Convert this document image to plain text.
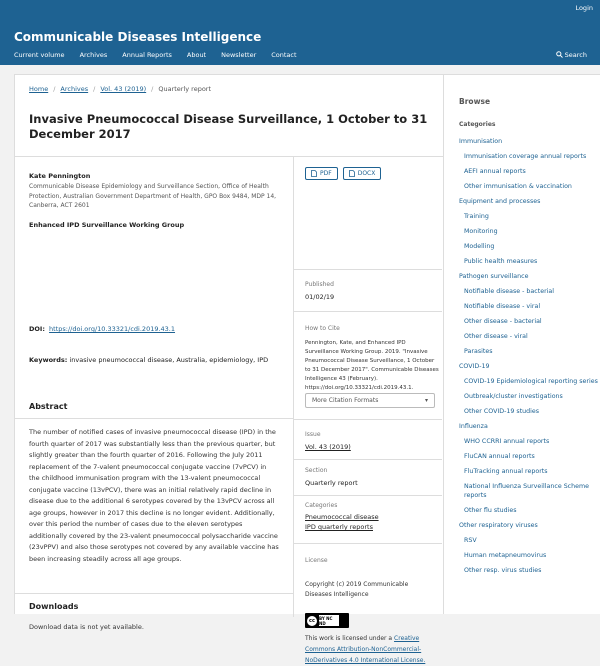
Login
Communicable Diseases Intelligence
Current volume Archives Annual Reports About Newsletter Contact	Search
Home / Archives / Vol. 43 (2019) / Quarterly report
Invasive Pneumococcal Disease Surveillance, 1 October to 31 December 2017
Kate Pennington
Communicable Disease Epidemiology and Surveillance Section, Office of Health Protection, Australian Government Department of Health, GPO Box 9484, MDP 14, Canberra, ACT 2601
Enhanced IPD Surveillance Working Group
DOI: https://doi.org/10.33321/cdi.2019.43.1
Keywords: invasive pneumococcal disease, Australia, epidemiology, IPD
Abstract
The number of notified cases of invasive pneumococcal disease (IPD) in the fourth quarter of 2017 was substantially less than the previous quarter, but slightly greater than the fourth quarter of 2016. Following the July 2011 replacement of the 7-valent pneumococcal conjugate vaccine (7vPCV) in the childhood immunisation program with the 13-valent pneumococcal conjugate vaccine (13vPCV), there was an initial relatively rapid decline in disease due to the additional 6 serotypes covered by the 13vPCV across all age groups, however in 2017 this decline is no longer evident. Additionally, over this period the number of cases due to the eleven serotypes additionally covered by the 23-valent pneumococcal polysaccharide vaccine (23vPPV) and also those serotypes not covered by any available vaccine has been increasing steadily across all age groups.
Downloads
Download data is not yet available.
PDF	DOCX
Published
01/02/19
How to Cite
Pennington, Kate, and Enhanced IPD Surveillance Working Group. 2019. "Invasive Pneumococcal Disease Surveillance, 1 October to 31 December 2017". Communicable Diseases Intelligence 43 (February). https://doi.org/10.33321/cdi.2019.43.1.
More Citation Formats	▾
Issue
Vol. 43 (2019)
Section
Quarterly report
Categories
Pneumococcal disease
IPD quarterly reports
License
Copyright (c) 2019 Communicable Diseases Intelligence
cc	BY NC ND
This work is licensed under a Creative Commons Attribution-NonCommercial-NoDerivatives 4.0 International License.
Browse
Categories
Immunisation
Immunisation coverage annual reports
AEFI annual reports
Other immunisation & vaccination
Equipment and processes
Training
Monitoring
Modelling
Public health measures
Pathogen surveillance
Notifiable disease - bacterial
Notifiable disease - viral
Other disease - bacterial
Other disease - viral
Parasites
COVID-19
COVID-19 Epidemiological reporting series
Outbreak/cluster investigations
Other COVID-19 studies
Influenza
WHO CCRRI annual reports
FluCAN annual reports
FluTracking annual reports
National Influenza Surveillance Scheme reports
Other flu studies
Other respiratory viruses
RSV
Human metapneumovirus
Other resp. virus studies
